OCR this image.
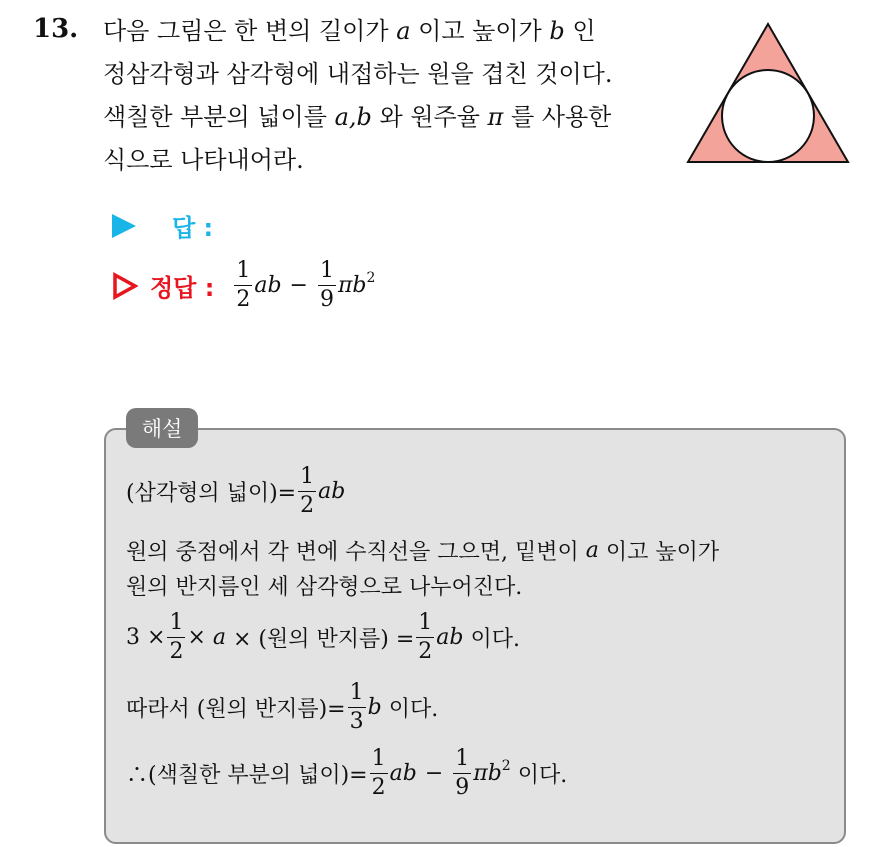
13. 다음 그림은 한 변의 길이가 a 이고 높이가 b 인
정삼각형과 삼각형에 내접하는 원을 겹친 것이다.
색칠한 부분의 넓이를 a,b 와 원주율 π 를 사용한
식으로 나타내어라.
답 :
정답 : $\frac{1}{2}$ ab − $\frac{1}{9} \pi b^2$
해설
(삼각형의 넓이)= $\frac{1}{2}$ ab
원의 중점에서 각 변에 수직선을 그으면, 밑변이
a
이고 높이가
원의 반지름인 세 삼각형으로 나누어진다.
$3 \times \frac{1}{2}$ ×
a
× (원의 반지름) = $\frac{1}{2}$ ab
이다.
따라서 (원의 반지름)= $\frac{1}{3}$ b
이다.
∴(색칠한 부분의 넓이)= $\frac{1}{2}$ ab − $\frac{1}{9} \pi b^2$
이다.
